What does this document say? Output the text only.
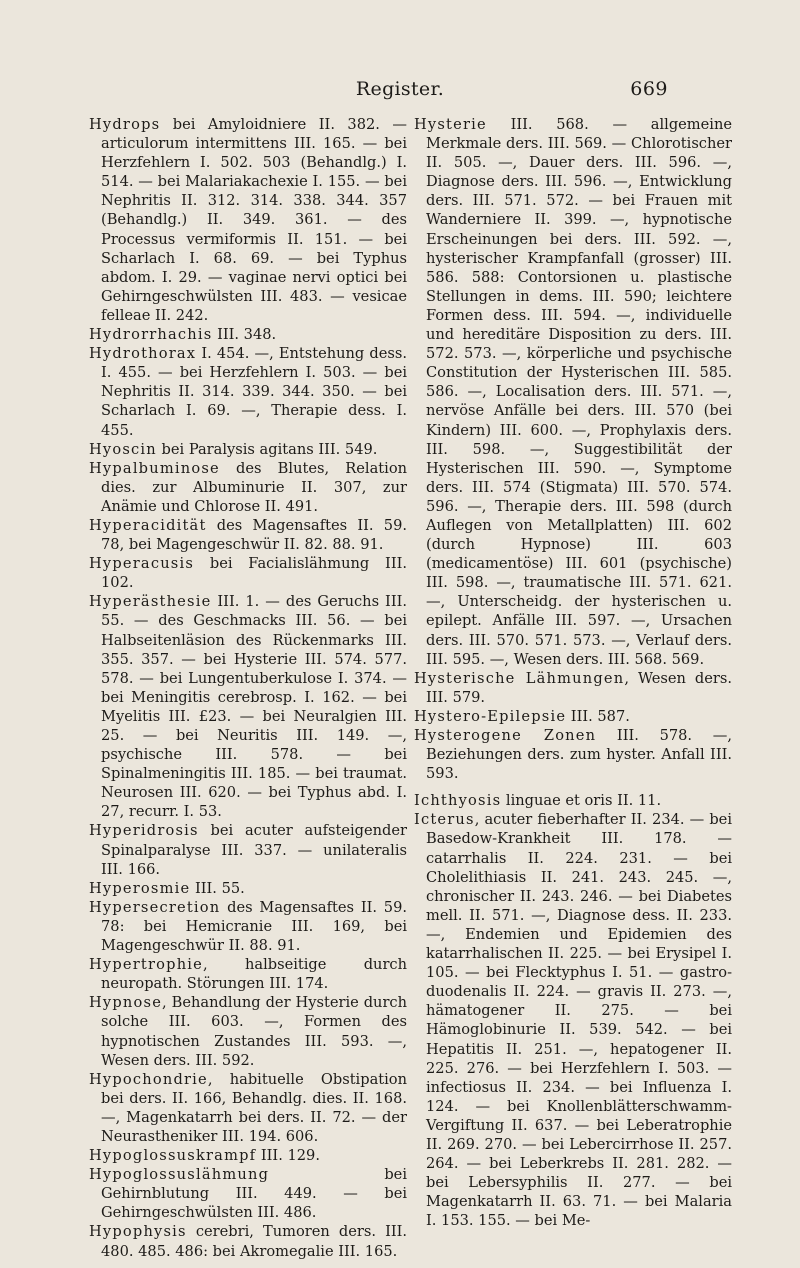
Register.	669

Hydrops bei Amyloidniere II. 382. — articulorum intermittens III. 165. — bei Herzfehlern I. 502. 503 (Behandlg.) I. 514. — bei Malariakachexie I. 155. — bei Nephritis II. 312. 314. 338. 344. 357 (Behandlg.) II. 349. 361. — des Processus vermiformis II. 151. — bei Scharlach I. 68. 69. — bei Typhus abdom. I. 29. — vaginae nervi optici bei Gehirngeschwülsten III. 483. — vesicae felleae II. 242.

Hydrorrhachis III. 348.

Hydrothorax I. 454. —, Entstehung dess. I. 455. — bei Herzfehlern I. 503. — bei Nephritis II. 314. 339. 344. 350. — bei Scharlach I. 69. —, Therapie dess. I. 455.

Hyoscin bei Paralysis agitans III. 549.

Hypalbuminose des Blutes, Relation dies. zur Albuminurie II. 307, zur Anämie und Chlorose II. 491.

Hyperacidität des Magensaftes II. 59. 78, bei Magengeschwür II. 82. 88. 91.

Hyperacusis bei Facialislähmung III. 102.

Hyperästhesie III. 1. — des Geruchs III. 55. — des Geschmacks III. 56. — bei Halbseitenläsion des Rückenmarks III. 355. 357. — bei Hysterie III. 574. 577. 578. — bei Lungentuberkulose I. 374. — bei Meningitis cerebrosp. I. 162. — bei Myelitis III. £23. — bei Neuralgien III. 25. — bei Neuritis III. 149. —, psychische III. 578. — bei Spinalmeningitis III. 185. — bei traumat. Neurosen III. 620. — bei Typhus abd. I. 27, recurr. I. 53.

Hyperidrosis bei acuter aufsteigender Spinalparalyse III. 337. — unilateralis III. 166.

Hyperosmie III. 55.

Hypersecretion des Magensaftes II. 59. 78: bei Hemicranie III. 169, bei Magengeschwür II. 88. 91.

Hypertrophie, halbseitige durch neuropath. Störungen III. 174.

Hypnose, Behandlung der Hysterie durch solche III. 603. —, Formen des hypnotischen Zustandes III. 593. —, Wesen ders. III. 592.

Hypochondrie, habituelle Obstipation bei ders. II. 166, Behandlg. dies. II. 168. —, Magenkatarrh bei ders. II. 72. — der Neurastheniker III. 194. 606.

Hypoglossuskrampf III. 129.

Hypoglossuslähmung bei Gehirnblutung III. 449. — bei Gehirngeschwülsten III. 486.

Hypophysis cerebri, Tumoren ders. III. 480. 485. 486: bei Akromegalie III. 165.

Hysterie III. 568. — allgemeine Merkmale ders. III. 569. — Chlorotischer II. 505. —, Dauer ders. III. 596. —, Diagnose ders. III. 596. —, Entwicklung ders. III. 571. 572. — bei Frauen mit Wanderniere II. 399. —, hypnotische Erscheinungen bei ders. III. 592. —, hysterischer Krampfanfall (grosser) III. 586. 588: Contorsionen u. plastische Stellungen in dems. III. 590; leichtere Formen dess. III. 594. —, individuelle und hereditäre Disposition zu ders. III. 572. 573. —, körperliche und psychische Constitution der Hysterischen III. 585. 586. —, Localisation ders. III. 571. —, nervöse Anfälle bei ders. III. 570 (bei Kindern) III. 600. —, Prophylaxis ders. III. 598. —, Suggestibilität der Hysterischen III. 590. —, Symptome ders. III. 574 (Stigmata) III. 570. 574. 596. —, Therapie ders. III. 598 (durch Auflegen von Metallplatten) III. 602 (durch Hypnose) III. 603 (medicamentöse) III. 601 (psychische) III. 598. —, traumatische III. 571. 621. —, Unterscheidg. der hysterischen u. epilept. Anfälle III. 597. —, Ursachen ders. III. 570. 571. 573. —, Verlauf ders. III. 595. —, Wesen ders. III. 568. 569.

Hysterische Lähmungen, Wesen ders. III. 579.

Hystero-Epilepsie III. 587.

Hysterogene Zonen III. 578. —, Beziehungen ders. zum hyster. Anfall III. 593.

Ichthyosis linguae et oris II. 11.

Icterus, acuter fieberhafter II. 234. — bei Basedow-Krankheit III. 178. — catarrhalis II. 224. 231. — bei Cholelithiasis II. 241. 243. 245. —, chronischer II. 243. 246. — bei Diabetes mell. II. 571. —, Diagnose dess. II. 233. —, Endemien und Epidemien des katarrhalischen II. 225. — bei Erysipel I. 105. — bei Flecktyphus I. 51. — gastro-duodenalis II. 224. — gravis II. 273. —, hämatogener II. 275. — bei Hämoglobinurie II. 539. 542. — bei Hepatitis II. 251. —, hepatogener II. 225. 276. — bei Herzfehlern I. 503. — infectiosus II. 234. — bei Influenza I. 124. — bei Knollenblätterschwamm-Vergiftung II. 637. — bei Leberatrophie II. 269. 270. — bei Lebercirrhose II. 257. 264. — bei Leberkrebs II. 281. 282. — bei Lebersyphilis II. 277. — bei Magenkatarrh II. 63. 71. — bei Malaria I. 153. 155. — bei Me-
